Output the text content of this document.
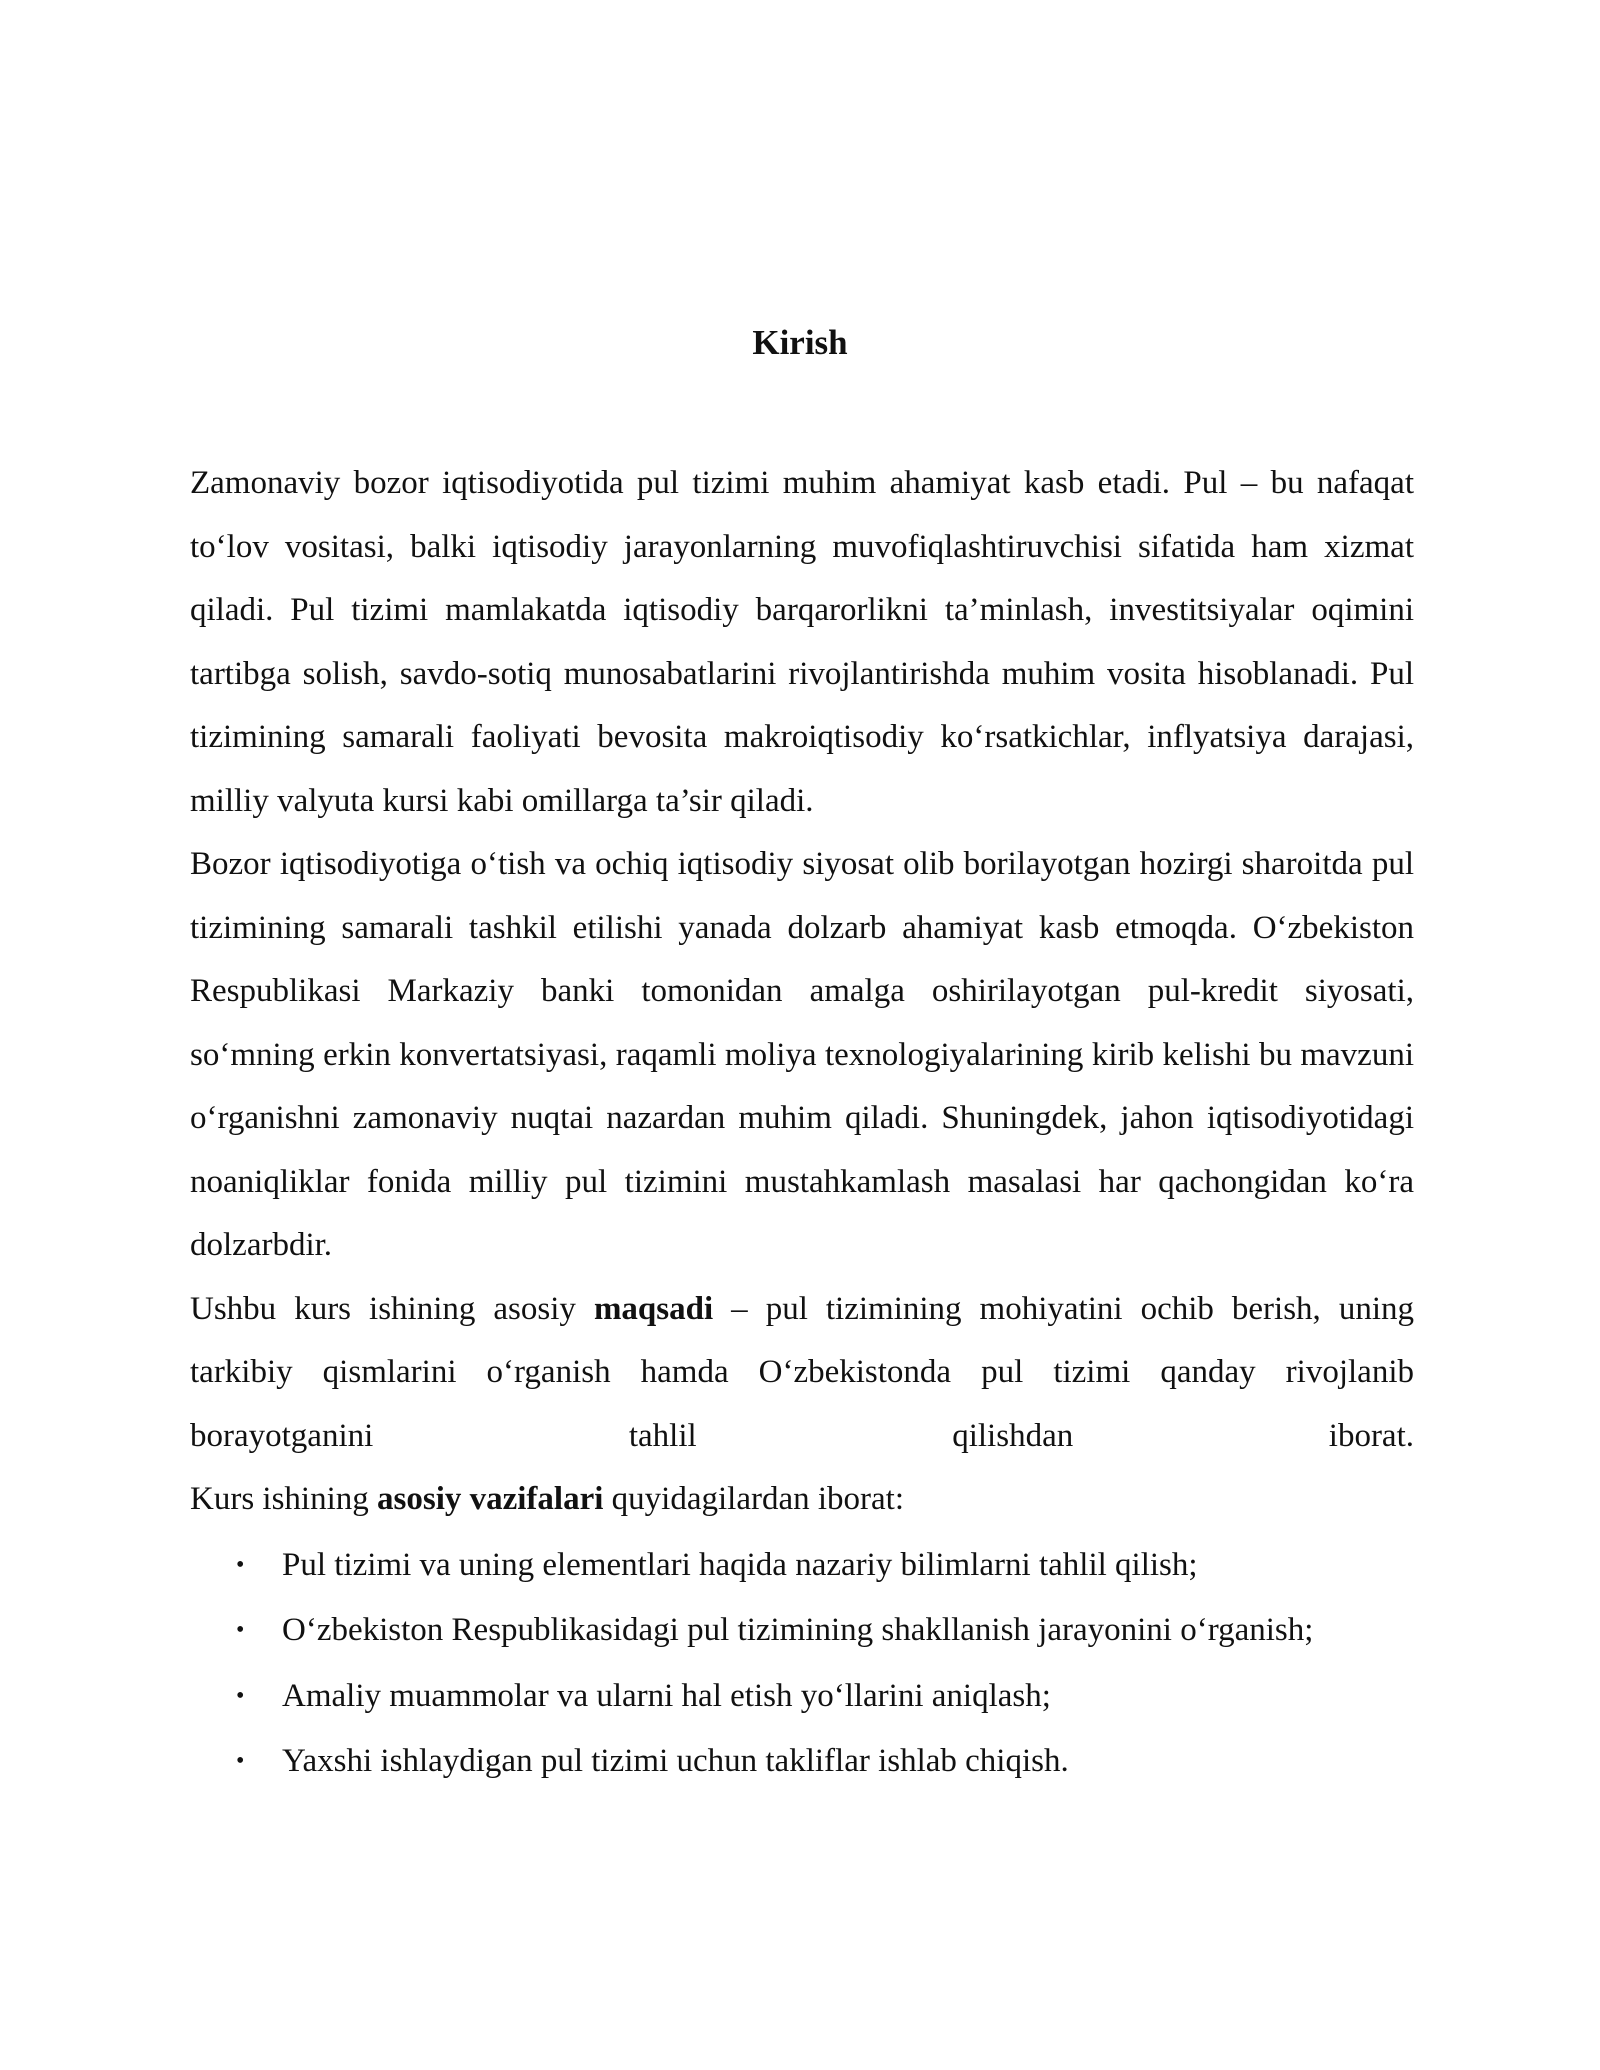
Kirish

Zamonaviy bozor iqtisodiyotida pul tizimi muhim ahamiyat kasb etadi. Pul – bu nafaqat to‘lov vositasi, balki iqtisodiy jarayonlarning muvofiqlashtiruvchisi sifatida ham xizmat qiladi. Pul tizimi mamlakatda iqtisodiy barqarorlikni ta’minlash, investitsiyalar oqimini tartibga solish, savdo-sotiq munosabatlarini rivojlantirishda muhim vosita hisoblanadi. Pul tizimining samarali faoliyati bevosita makroiqtisodiy ko‘rsatkichlar, inflyatsiya darajasi, milliy valyuta kursi kabi omillarga ta’sir qiladi.

Bozor iqtisodiyotiga o‘tish va ochiq iqtisodiy siyosat olib borilayotgan hozirgi sharoitda pul tizimining samarali tashkil etilishi yanada dolzarb ahamiyat kasb etmoqda. O‘zbekiston Respublikasi Markaziy banki tomonidan amalga oshirilayotgan pul-kredit siyosati, so‘mning erkin konvertatsiyasi, raqamli moliya texnologiyalarining kirib kelishi bu mavzuni o‘rganishni zamonaviy nuqtai nazardan muhim qiladi. Shuningdek, jahon iqtisodiyotidagi noaniqliklar fonida milliy pul tizimini mustahkamlash masalasi har qachongidan ko‘ra dolzarbdir.

Ushbu kurs ishining asosiy maqsadi – pul tizimining mohiyatini ochib berish, uning tarkibiy qismlarini o‘rganish hamda O‘zbekistonda pul tizimi qanday rivojlanib borayotganini tahlil qilishdan iborat.

Kurs ishining asosiy vazifalari quyidagilardan iborat:

• Pul tizimi va uning elementlari haqida nazariy bilimlarni tahlil qilish;
• O‘zbekiston Respublikasidagi pul tizimining shakllanish jarayonini o‘rganish;
• Amaliy muammolar va ularni hal etish yo‘llarini aniqlash;
• Yaxshi ishlaydigan pul tizimi uchun takliflar ishlab chiqish.
